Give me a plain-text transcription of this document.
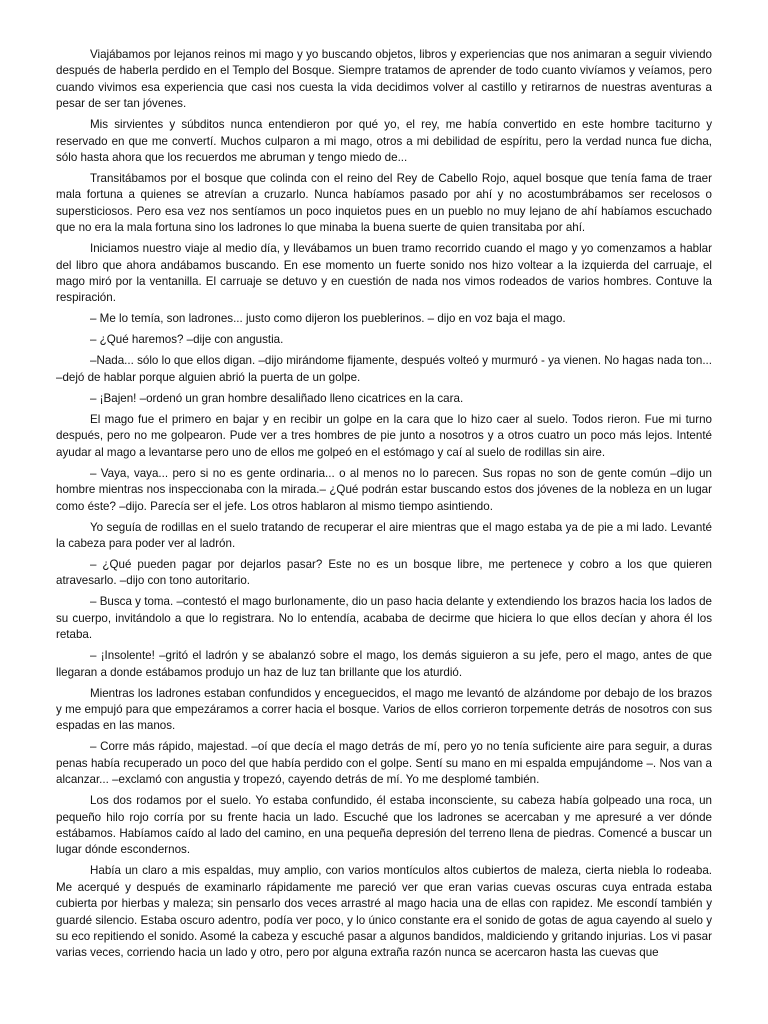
Viajábamos por lejanos reinos mi mago y yo buscando objetos, libros y experiencias que nos animaran a seguir viviendo después de haberla perdido en el Templo del Bosque. Siempre tratamos de aprender de todo cuanto vivíamos y veíamos, pero cuando vivimos esa experiencia que casi nos cuesta la vida decidimos volver al castillo y retirarnos de nuestras aventuras a pesar de ser tan jóvenes.

Mis sirvientes y súbditos nunca entendieron por qué yo, el rey, me había convertido en este hombre taciturno y reservado en que me convertí. Muchos culparon a mi mago, otros a mi debilidad de espíritu, pero la verdad nunca fue dicha, sólo hasta ahora que los recuerdos me abruman y tengo miedo de...

Transitábamos por el bosque que colinda con el reino del Rey de Cabello Rojo, aquel bosque que tenía fama de traer mala fortuna a quienes se atrevían a cruzarlo. Nunca habíamos pasado por ahí y no acostumbrábamos ser recelosos o supersticiosos. Pero esa vez nos sentíamos un poco inquietos pues en un pueblo no muy lejano de ahí habíamos escuchado que no era la mala fortuna sino los ladrones lo que minaba la buena suerte de quien transitaba por ahí.

Iniciamos nuestro viaje al medio día, y llevábamos un buen tramo recorrido cuando el mago y yo comenzamos a hablar del libro que ahora andábamos buscando. En ese momento un fuerte sonido nos hizo voltear a la izquierda del carruaje, el mago miró por la ventanilla. El carruaje se detuvo y en cuestión de nada nos vimos rodeados de varios hombres. Contuve la respiración.

– Me lo temía, son ladrones... justo como dijeron los pueblerinos. – dijo en voz baja el mago.

– ¿Qué haremos? –dije con angustia.

–Nada... sólo lo que ellos digan. –dijo mirándome fijamente, después volteó y murmuró - ya vienen. No hagas nada ton... –dejó de hablar porque alguien abrió la puerta de un golpe.

– ¡Bajen! –ordenó un gran hombre desaliñado lleno cicatrices en la cara.

El mago fue el primero en bajar y en recibir un golpe en la cara que lo hizo caer al suelo. Todos rieron. Fue mi turno después, pero no me golpearon. Pude ver a tres hombres de pie junto a nosotros y a otros cuatro un poco más lejos. Intenté ayudar al mago a levantarse pero uno de ellos me golpeó en el estómago y caí al suelo de rodillas sin aire.

– Vaya, vaya... pero si no es gente ordinaria... o al menos no lo parecen. Sus ropas no son de gente común –dijo un hombre mientras nos inspeccionaba con la mirada.– ¿Qué podrán estar buscando estos dos jóvenes de la nobleza en un lugar como éste? –dijo. Parecía ser el jefe. Los otros hablaron al mismo tiempo asintiendo.

Yo seguía de rodillas en el suelo tratando de recuperar el aire mientras que el mago estaba ya de pie a mi lado. Levanté la cabeza para poder ver al ladrón.

– ¿Qué pueden pagar por dejarlos pasar? Este no es un bosque libre, me pertenece y cobro a los que quieren atravesarlo. –dijo con tono autoritario.

– Busca y toma. –contestó el mago burlonamente, dio un paso hacia delante y extendiendo los brazos hacia los lados de su cuerpo, invitándolo a que lo registrara. No lo entendía, acababa de decirme que hiciera lo que ellos decían y ahora él los retaba.

– ¡Insolente! –gritó el ladrón y se abalanzó sobre el mago, los demás siguieron a su jefe, pero el mago, antes de que llegaran a donde estábamos produjo un haz de luz tan brillante que los aturdió.

Mientras los ladrones estaban confundidos y enceguecidos, el mago me levantó de alzándome por debajo de los brazos y me empujó para que empezáramos a correr hacia el bosque. Varios de ellos corrieron torpemente detrás de nosotros con sus espadas en las manos.

– Corre más rápido, majestad. –oí que decía el mago detrás de mí, pero yo no tenía suficiente aire para seguir, a duras penas había recuperado un poco del que había perdido con el golpe. Sentí su mano en mi espalda empujándome –. Nos van a alcanzar... –exclamó con angustia y tropezó, cayendo detrás de mí. Yo me desplomé también.

Los dos rodamos por el suelo. Yo estaba confundido, él estaba inconsciente, su cabeza había golpeado una roca, un pequeño hilo rojo corría por su frente hacia un lado. Escuché que los ladrones se acercaban y me apresuré a ver dónde estábamos. Habíamos caído al lado del camino, en una pequeña depresión del terreno llena de piedras. Comencé a buscar un lugar dónde escondernos.

Había un claro a mis espaldas, muy amplio, con varios montículos altos cubiertos de maleza, cierta niebla lo rodeaba. Me acerqué y después de examinarlo rápidamente me pareció ver que eran varias cuevas oscuras cuya entrada estaba cubierta por hierbas y maleza; sin pensarlo dos veces arrastré al mago hacia una de ellas con rapidez. Me escondí también y guardé silencio. Estaba oscuro adentro, podía ver poco, y lo único constante era el sonido de gotas de agua cayendo al suelo y su eco repitiendo el sonido. Asomé la cabeza y escuché pasar a algunos bandidos, maldiciendo y gritando injurias. Los vi pasar varias veces, corriendo hacia un lado y otro, pero por alguna extraña razón nunca se acercaron hasta las cuevas que
